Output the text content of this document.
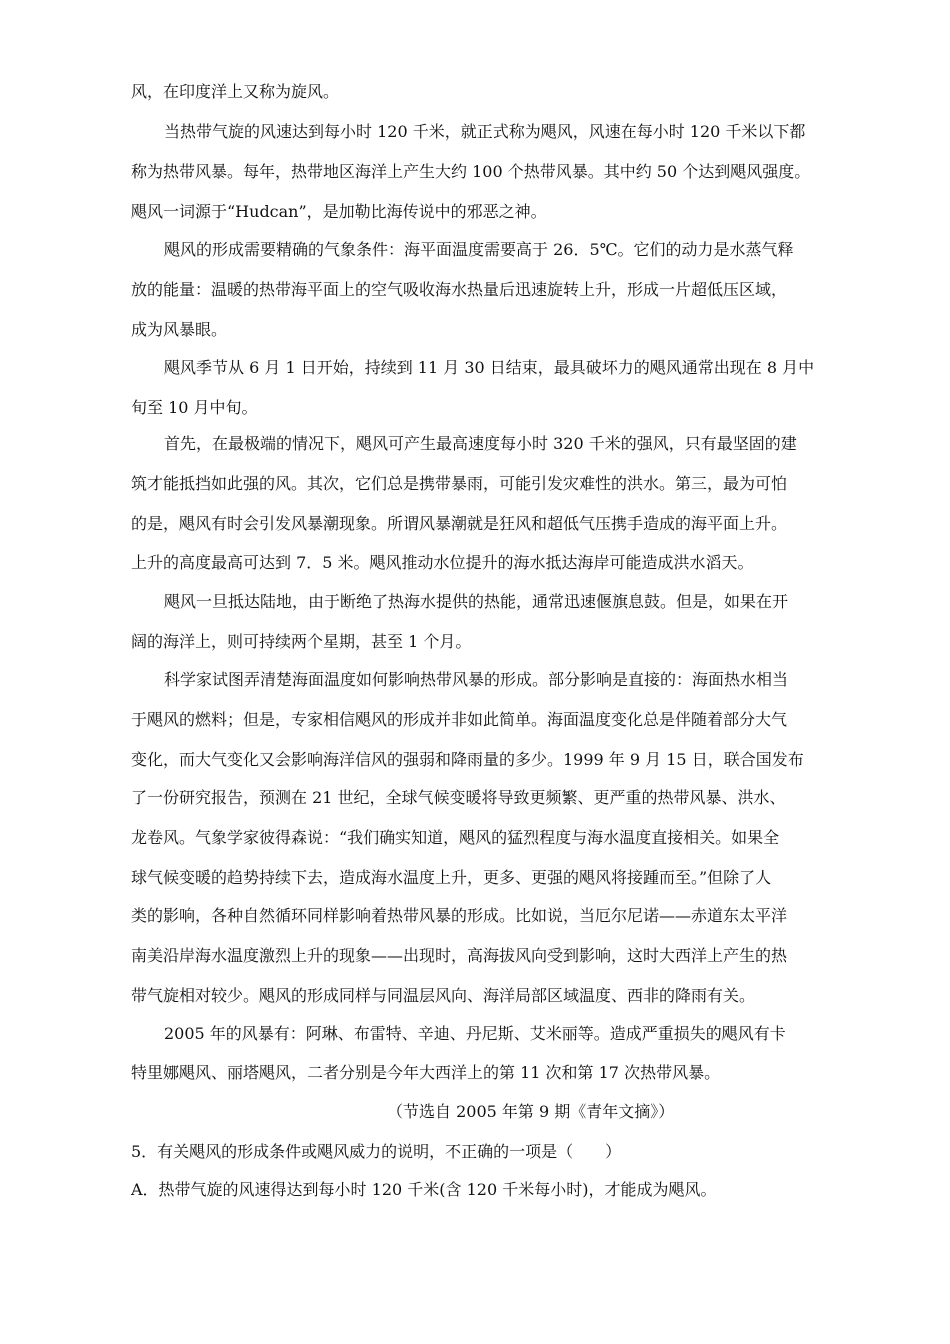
风，在印度洋上又称为旋风。

当热带气旋的风速达到每小时 120 千米，就正式称为飓风，风速在每小时 120 千米以下都

称为热带风暴。每年，热带地区海洋上产生大约 100 个热带风暴。其中约 50 个达到飓风强度。

飓风一词源于“Hudcan”，是加勒比海传说中的邪恶之神。

飓风的形成需要精确的气象条件：海平面温度需要高于 26．5℃。它们的动力是水蒸气释

放的能量：温暖的热带海平面上的空气吸收海水热量后迅速旋转上升，形成一片超低压区域，

成为风暴眼。

飓风季节从 6 月 1 日开始，持续到 11 月 30 日结束，最具破坏力的飓风通常出现在 8 月中

旬至 10 月中旬。

首先，在最极端的情况下，飓风可产生最高速度每小时 320 千米的强风，只有最坚固的建

筑才能抵挡如此强的风。其次，它们总是携带暴雨，可能引发灾难性的洪水。第三，最为可怕

的是，飓风有时会引发风暴潮现象。所谓风暴潮就是狂风和超低气压携手造成的海平面上升。

上升的高度最高可达到 7．5 米。飓风推动水位提升的海水抵达海岸可能造成洪水滔天。

飓风一旦抵达陆地，由于断绝了热海水提供的热能，通常迅速偃旗息鼓。但是，如果在开

阔的海洋上，则可持续两个星期，甚至 1 个月。

科学家试图弄清楚海面温度如何影响热带风暴的形成。部分影响是直接的：海面热水相当

于飓风的燃料；但是，专家相信飓风的形成并非如此简单。海面温度变化总是伴随着部分大气

变化，而大气变化又会影响海洋信风的强弱和降雨量的多少。1999 年 9 月 15 日，联合国发布

了一份研究报告，预测在 21 世纪，全球气候变暖将导致更频繁、更严重的热带风暴、洪水、

龙卷风。气象学家彼得森说：“我们确实知道，飓风的猛烈程度与海水温度直接相关。如果全

球气候变暖的趋势持续下去，造成海水温度上升，更多、更强的飓风将接踵而至。”但除了人

类的影响，各种自然循环同样影响着热带风暴的形成。比如说，当厄尔尼诺——赤道东太平洋

南美沿岸海水温度激烈上升的现象——出现时，高海拔风向受到影响，这时大西洋上产生的热

带气旋相对较少。飓风的形成同样与同温层风向、海洋局部区域温度、西非的降雨有关。

2005 年的风暴有：阿琳、布雷特、辛迪、丹尼斯、艾米丽等。造成严重损失的飓风有卡

特里娜飓风、丽塔飓风，二者分别是今年大西洋上的第 11 次和第 17 次热带风暴。

（节选自 2005 年第 9 期《青年文摘》）

5．有关飓风的形成条件或飓风威力的说明，不正确的一项是（　　）

A．热带气旋的风速得达到每小时 120 千米(含 120 千米每小时)，才能成为飓风。
